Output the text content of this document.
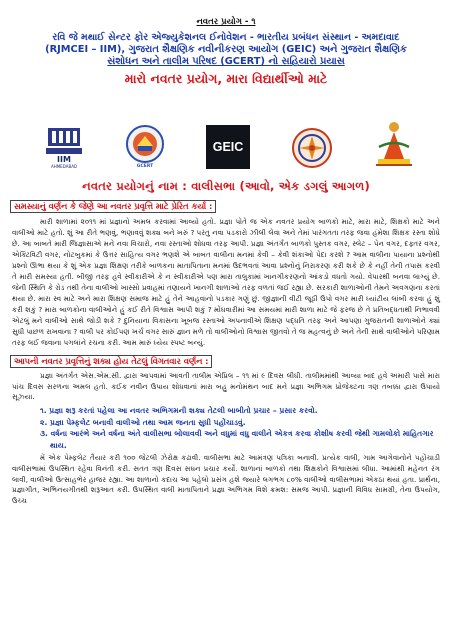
નવતર પ્રયોગ - ૧
રવિ જે મથાઈ સેન્ટર ફોર એજ્યુકેશનલ ઈનોવેશન - ભારતીય પ્રબંધન સંસ્થાન - અમદાવાદ
(RJMCEI – IIM), ગુજરાત શૈક્ષણિક નવીનીકરણ આયોગ (GEIC) અને ગુજરાત શૈક્ષણિક
સંશોધન અને તાલીમ પરિષદ (GCERT) નો સહિયારો પ્રયાસ
મારો નવતર પ્રયોગ, મારા વિદ્યાર્થીઓ માટે
IIM
AHMEDABAD	GCERT
GEIC
નવતર પ્રયોગનું નામ : વાલીસભા (આવો, એક ડગલું આગળ)
સમસ્યાનું વર્ણન કે જેણે આ નવતર પ્રવૃત્તિ માટે પ્રેરિત કર્યા :

મારી શાળામાં ૨૦૧૧ માં પ્રજ્ઞાનો અમલ કરવામાં આવ્યો હતો. પ્રજ્ઞા પોતે જ એક નવતર પ્રયોગ બાળકો માટે, મારા માટે, શિક્ષકો માટે અને વાલીઓ માટે હતો. શું આ રીતે ભણવું, ભણાવવું શક્ય બને ખરું ? પરંતુ નવા પડકારો ઝીલી લેવા અને તેમાં પારંગતતા તરફ જવા હંમેશા શિક્ષક રસ્તા શોધે છે. આ બાબતે મારી જિજ્ઞાસાએ મને નવા વિચારો, નવા રસ્તાઓ શોધવા તરફ આપી. પ્રજ્ઞા અંતર્ગત બાળકો પુસ્તક વગર, સ્લેટ – પેન વગર, દફ્તર વગર, એક્ટિવિટી વગર, નોટબુકમાં કે ઉત્તર સાહિત્ય વગર ભણશે એ બાબત વાલીના મનમાં કેવી – કેવી શંકાઓ પેદા કરશે ? આમ વાલીના પાયાના પ્રશ્નોથી પ્રશ્નો ઊભા થયા કે શું એક પ્રજ્ઞા શિક્ષણ તરીકે બાળકના માતાપિતાના મનમાં ઉદભવતાં આવા પ્રશ્નોનું નિરાકરણ કરી શકે છે કે નહીં તેની તપાસ કરવી તે મારી સમસ્યા હતી. બીજી તરફ હવે સ્વીકારીએ કે ન સ્વીકારીએ પણ મારા તાલુકામાં ખાનગીકરણનો આંકડો વધતો ગયો. વેપારથી બનવા લાગ્યું છે. જેની સ્થિતિ કે ગ્રેડ તથી તેના વાલીઓ ખાસ્સો પ્રવાહમાં તણાયને ખાનગી શાળાઓ તરફ વળતાં જઈ રહ્યા છે. સરકારી શાળાઓની તેમને અવગણના કરતાં થયા છે. મારા સ્વ માટે અને મારા શિક્ષણ સમાજ માટે હું તેને આહવાનો પડકાર ગણું છું. જીજ્ઞાની વીટી જૂઠી ઉપો વગર મારી ધ્યાંટીય લાંબી કરવા હું શું કરી શકું ? મારા બાળકોના વાલીઓને હું કઈ રીતે વિશ્વાસ આપી શકું ? મોંઘવારીમાં આ સમયમાં મારી શાળા માટે જે ફરજ છે તે પ્રતિબદ્ધતાથી નિભાવવી એટલું મને વાલીઓ સાથે જોડી શકે ? દુનિયાના વિકાસના ખૂબજ રસ્તાઓ અપનાવીએ શિક્ષણ પદ્ધતિ તરફ અને આપણા ગુજરાતની શાળાઓને ક્યાં સુધી પાછળ રાખવાના ? વાલી પર કોઈપણ ખર્ચ વગર સારું જ્ઞાન મળે તો વાલીઓનો વિશ્વાસ જીતવો તે જ મહત્વનું છે અને તેની સાથે વાલીઓને પરિણામ તરફ લઈ જવાના પગલાંને રચના કરી. આમ મારું ધ્યેય સ્પષ્ટ બન્યું.

આપની નવતર પ્રવૃત્તિનું શક્ય હોય તેટલું વિગતવાર વર્ણન :

પ્રજ્ઞા અંતર્ગત એસ.એમ.સી. દ્વારા આપવામાં આવતી તાલીમ એપ્રિલ – ૧૧ માં ૯ દિવસ લીધી. તાલીમમાંથી આવ્યા બાદ હવે અમારી પાસે મારા પાંચ દિવસ સરળના અમલ હતો. કઈક નવીન ઉપાય શોધવાનાં મારા બહુ મનોમંથન બાદ મને પ્રજ્ઞા અભિગમ પ્રોજેક્ટના ત્રણ તબક્કા દ્વારા ઉપાયો સૂઝ્યા.

૧. પ્રજ્ઞા શરૂ કરતાં પહેલા આ નવતર અભિગમની શક્ય તેટલી બાબીતો પ્રચાર – પ્રસાર કરવો.
૨. પ્રજ્ઞા પેમ્ફલેટ બનાવી વાલીઓ તથા આમ જનતા સુધી પહોંચાડવું.
૩. વર્ષના આરંભે અને વર્ષના અંતે વાલીસભા બોલાવવી અને વધુમાં વધુ વાલીને એકત્ર કરવા કોશીષ કરવી જેથી ગામલોકો માહિતગાર થાય.

મેં એક પેમ્ફલેટ તૈયાર કરી ૧૦૦ જેટલી ઝેરોક્ષ કઢાવી. વાલીસભા માટે આમંત્રણ પત્રિકા બનાવી. પ્રત્યેક વાલી, ગામ આગેવાનોને પહોંચાડી વાલીસભામાં ઉપસ્થિત રહેવા વિનંતી કરી. સતત ત્રણ દિવસ સઘન પ્રચાર કર્યો. શાળાનાં બાળકો તથા શિક્ષકોને વિશ્વાસમાં લીધા. આમાંથી મહેનત રંગ લાવી, વાલીઓ ઉત્સાહભેર હાજર રહ્યા. આ શાળાનો કદાચ આ પહેલો પ્રસંગ હશે જ્યારે લગભગ ૮૦% વાલીઓ વાલીસભામાં એકઠા થયાં હતા. પ્રાર્થના, પ્રજ્ઞાગીત, અભિનયગીતથી શરૂઆત કરી. ઉપસ્થિત વાલી માતાપિતાને પ્રજ્ઞા અભિગમ વિશે ક્રમશ: સમજ આપી. પ્રજ્ઞાની વિવિધ સામગ્રી, તેના ઉપયોગ, ઉચ્ચ
